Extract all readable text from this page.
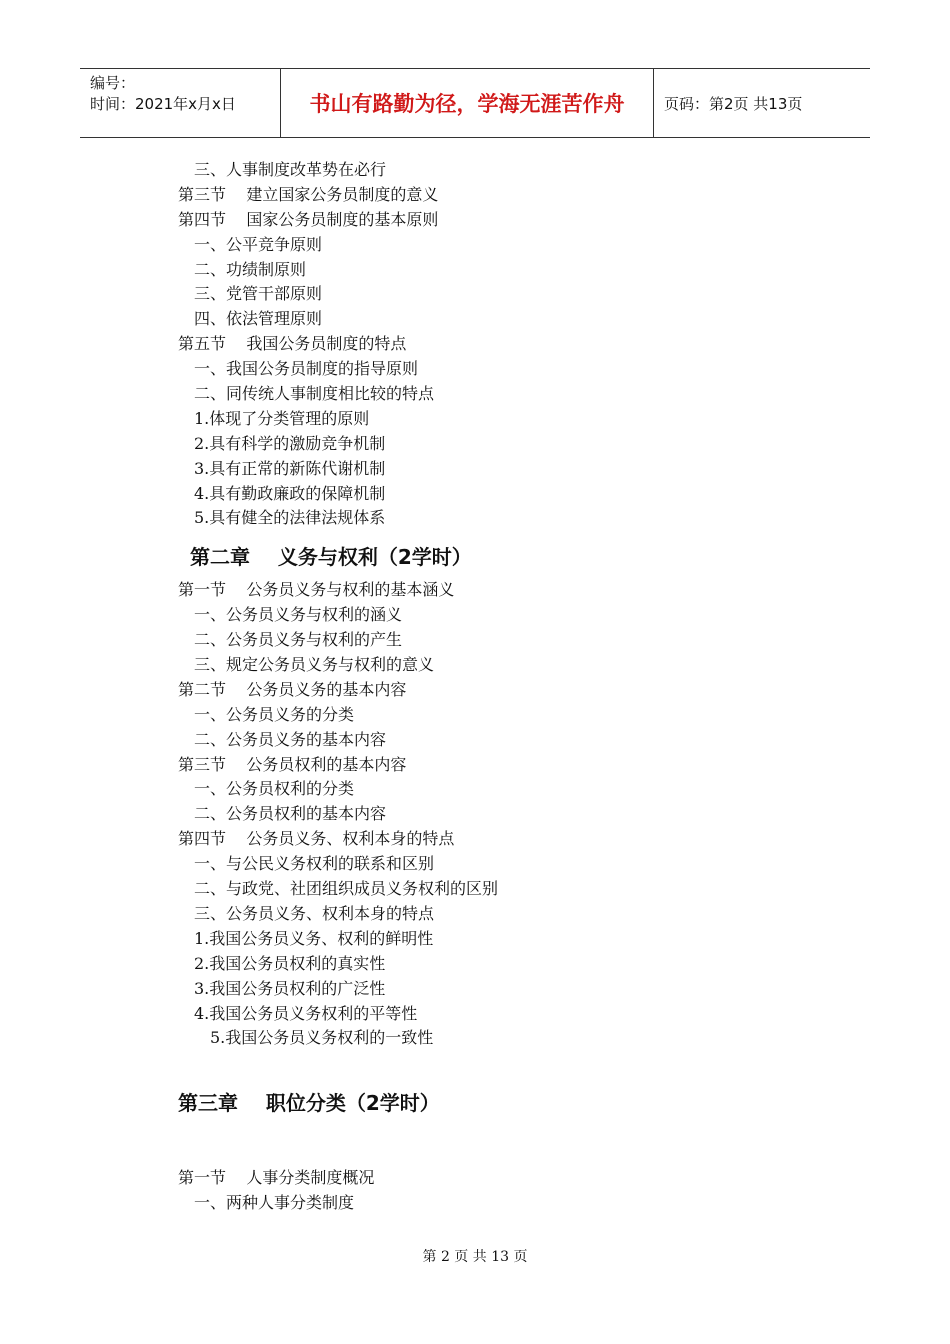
编号：
时间：2021年x月x日	书山有路勤为径，学海无涯苦作舟	页码：第2页 共13页
三、人事制度改革势在必行
第三节    建立国家公务员制度的意义
第四节    国家公务员制度的基本原则
一、公平竞争原则
二、功绩制原则
三、党管干部原则
四、依法管理原则
第五节    我国公务员制度的特点
一、我国公务员制度的指导原则
二、同传统人事制度相比较的特点
1.体现了分类管理的原则
2.具有科学的激励竞争机制
3.具有正常的新陈代谢机制
4.具有勤政廉政的保障机制
5.具有健全的法律法规体系
第二章    义务与权利（2学时）
第一节    公务员义务与权利的基本涵义
一、公务员义务与权利的涵义
二、公务员义务与权利的产生
三、规定公务员义务与权利的意义
第二节    公务员义务的基本内容
一、公务员义务的分类
二、公务员义务的基本内容
第三节    公务员权利的基本内容
一、公务员权利的分类
二、公务员权利的基本内容
第四节    公务员义务、权利本身的特点
一、与公民义务权利的联系和区别
二、与政党、社团组织成员义务权利的区别
三、公务员义务、权利本身的特点
1.我国公务员义务、权利的鲜明性
2.我国公务员权利的真实性
3.我国公务员权利的广泛性
4.我国公务员义务权利的平等性
5.我国公务员义务权利的一致性
第三章    职位分类（2学时）
第一节    人事分类制度概况
一、两种人事分类制度
第 2 页 共 13 页
